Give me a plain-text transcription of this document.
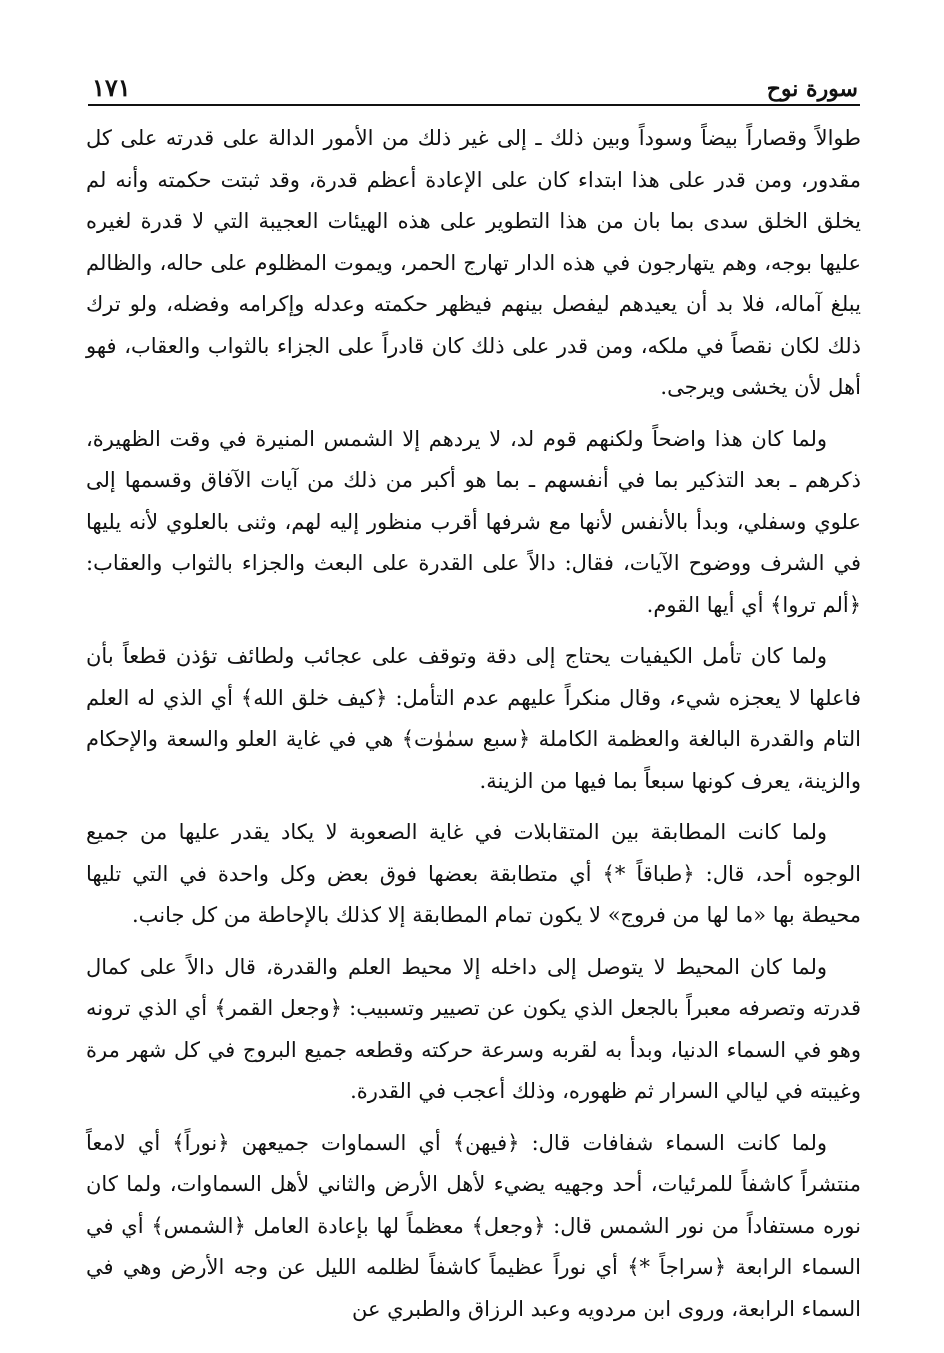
١٧١	سورة نوح

طوالاً وقصاراً بيضاً وسوداً وبين ذلك ـ إلى غير ذلك من الأمور الدالة على قدرته على كل مقدور، ومن قدر على هذا ابتداء كان على الإعادة أعظم قدرة، وقد ثبتت حكمته وأنه لم يخلق الخلق سدى بما بان من هذا التطوير على هذه الهيئات العجيبة التي لا قدرة لغيره عليها بوجه، وهم يتهارجون في هذه الدار تهارج الحمر، ويموت المظلوم على حاله، والظالم يبلغ آماله، فلا بد أن يعيدهم ليفصل بينهم فيظهر حكمته وعدله وإكرامه وفضله، ولو ترك ذلك لكان نقصاً في ملكه، ومن قدر على ذلك كان قادراً على الجزاء بالثواب والعقاب، فهو أهل لأن يخشى ويرجى.

ولما كان هذا واضحاً ولكنهم قوم لد، لا يردهم إلا الشمس المنيرة في وقت الظهيرة، ذكرهم ـ بعد التذكير بما في أنفسهم ـ بما هو أكبر من ذلك من آيات الآفاق وقسمها إلى علوي وسفلي، وبدأ بالأنفس لأنها مع شرفها أقرب منظور إليه لهم، وثنى بالعلوي لأنه يليها في الشرف ووضوح الآيات، فقال: دالاً على القدرة على البعث والجزاء بالثواب والعقاب: ﴿ألم تروا﴾ أي أيها القوم.

ولما كان تأمل الكيفيات يحتاج إلى دقة وتوقف على عجائب ولطائف تؤذن قطعاً بأن فاعلها لا يعجزه شيء، وقال منكراً عليهم عدم التأمل: ﴿كيف خلق الله﴾ أي الذي له العلم التام والقدرة البالغة والعظمة الكاملة ﴿سبع سمٰوٰت﴾ هي في غاية العلو والسعة والإحكام والزينة، يعرف كونها سبعاً بما فيها من الزينة.

ولما كانت المطابقة بين المتقابلات في غاية الصعوبة لا يكاد يقدر عليها من جميع الوجوه أحد، قال: ﴿طباقاً *﴾ أي متطابقة بعضها فوق بعض وكل واحدة في التي تليها محيطة بها «ما لها من فروج» لا يكون تمام المطابقة إلا كذلك بالإحاطة من كل جانب.

ولما كان المحيط لا يتوصل إلى داخله إلا محيط العلم والقدرة، قال دالاً على كمال قدرته وتصرفه معبراً بالجعل الذي يكون عن تصيير وتسبيب: ﴿وجعل القمر﴾ أي الذي ترونه وهو في السماء الدنيا، وبدأ به لقربه وسرعة حركته وقطعه جميع البروج في كل شهر مرة وغيبته في ليالي السرار ثم ظهوره، وذلك أعجب في القدرة.

ولما كانت السماء شفافات قال: ﴿فيهن﴾ أي السماوات جميعهن ﴿نوراً﴾ أي لامعاً منتشراً كاشفاً للمرئيات، أحد وجهيه يضيء لأهل الأرض والثاني لأهل السماوات، ولما كان نوره مستفاداً من نور الشمس قال: ﴿وجعل﴾ معظماً لها بإعادة العامل ﴿الشمس﴾ أي في السماء الرابعة ﴿سراجاً *﴾ أي نوراً عظيماً كاشفاً لظلمه الليل عن وجه الأرض وهي في السماء الرابعة، وروى ابن مردويه وعبد الرزاق والطبري عن
